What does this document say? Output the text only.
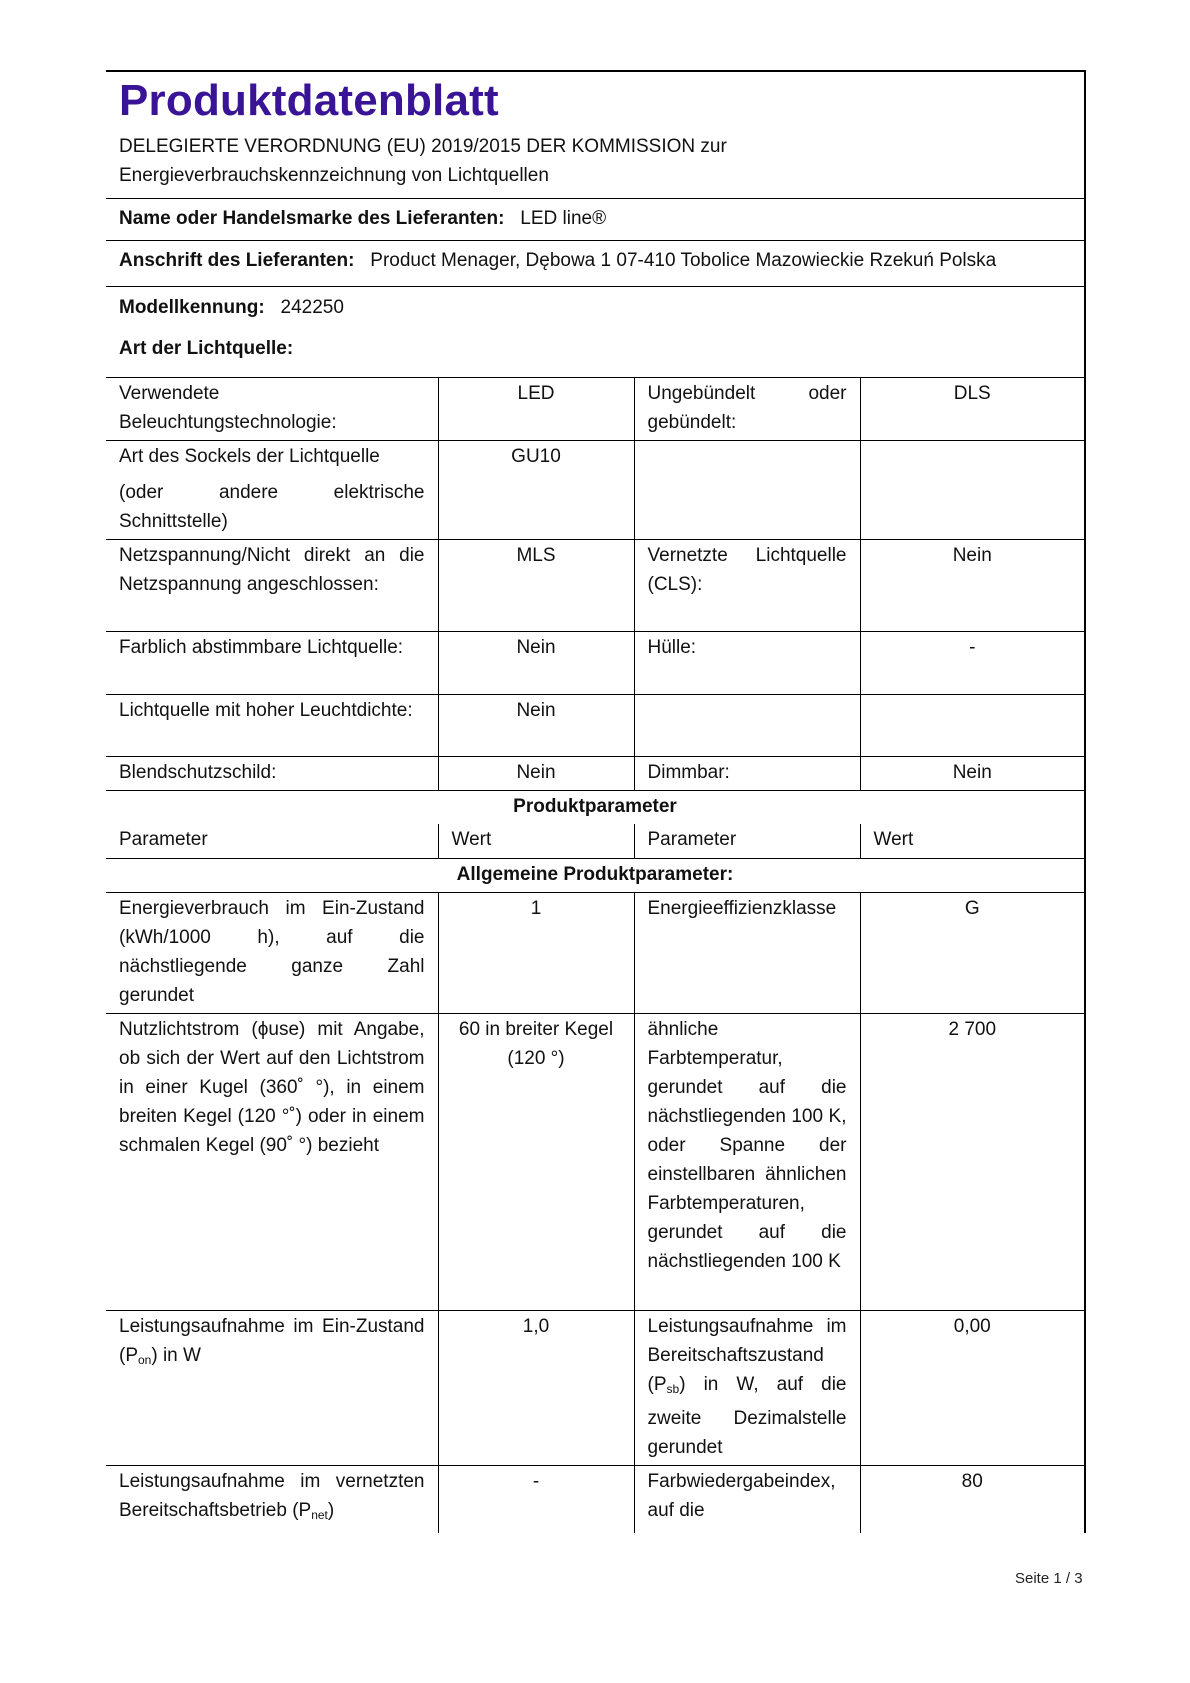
Produktdatenblatt
DELEGIERTE VERORDNUNG (EU) 2019/2015 DER KOMMISSION zur
Energieverbrauchskennzeichnung von Lichtquellen
Name oder Handelsmarke des Lieferanten: LED line®
Anschrift des Lieferanten: Product Menager, Dębowa 1 07-410 Tobolice Mazowieckie Rzekuń Polska
Modellkennung: 242250
Art der Lichtquelle:
Verwendete Beleuchtungstechnologie:	LED	Ungebündelt oder gebündelt:	DLS

Art des Sockels der Lichtquelle
(oder andere elektrische Schnittstelle)	GU10		
Netzspannung/Nicht direkt an die Netzspannung angeschlossen:	MLS	Vernetzte Lichtquelle (CLS):	Nein
Farblich abstimmbare Lichtquelle:	Nein	Hülle:	-
Lichtquelle mit hoher Leuchtdichte:	Nein		
Blendschutzschild:	Nein	Dimmbar:	Nein
Produktparameter			
Parameter	Wert	Parameter	Wert
Allgemeine Produktparameter:			
Energieverbrauch im Ein-Zustand (kWh/1000 h), auf die nächstliegende ganze Zahl gerundet	1	Energieeffizienzklasse	G
Nutzlichtstrom (ϕuse) mit Angabe, ob sich der Wert auf den Lichtstrom in einer Kugel (360˚ °), in einem breiten Kegel (120 °˚) oder in einem schmalen Kegel (90˚ °) bezieht	60 in breiter Kegel (120 °)	ähnliche Farbtemperatur, gerundet auf die nächstliegenden 100 K, oder Spanne der einstellbaren ähnlichen Farbtemperaturen, gerundet auf die nächstliegenden 100 K	2 700
Leistungsaufnahme im Ein-Zustand $(P_{on})$ in W	1,0	Leistungsaufnahme im Bereitschaftszustand $(P_{sb})$ in W, auf die zweite Dezimalstelle gerundet	0,00
Leistungsaufnahme im vernetzten Bereitschaftsbetrieb $(P_{net})$	-	Farbwiedergabeindex, auf die	80
Seite 1 / 3
